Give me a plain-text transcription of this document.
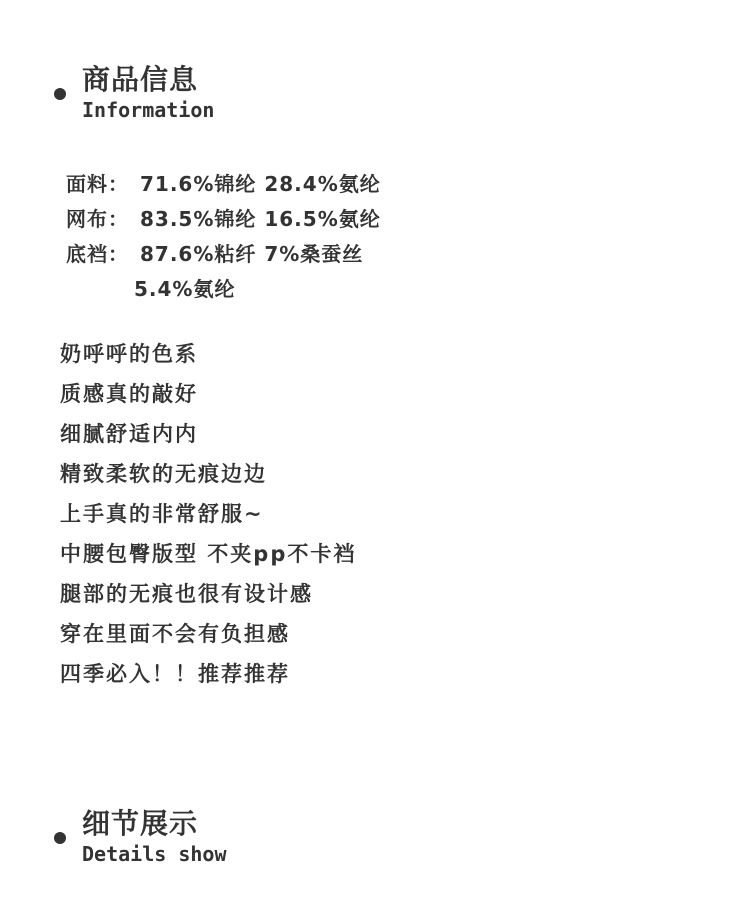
商品信息
Information
面料： 71.6%锦纶 28.4%氨纶
网布： 83.5%锦纶 16.5%氨纶
底裆： 87.6%粘纤 7%桑蚕丝
5.4%氨纶
奶呼呼的色系
质感真的敲好
细腻舒适内内
精致柔软的无痕边边
上手真的非常舒服~
中腰包臀版型 不夹pp不卡裆
腿部的无痕也很有设计感
穿在里面不会有负担感
四季必入！！推荐推荐
细节展示
Details show
